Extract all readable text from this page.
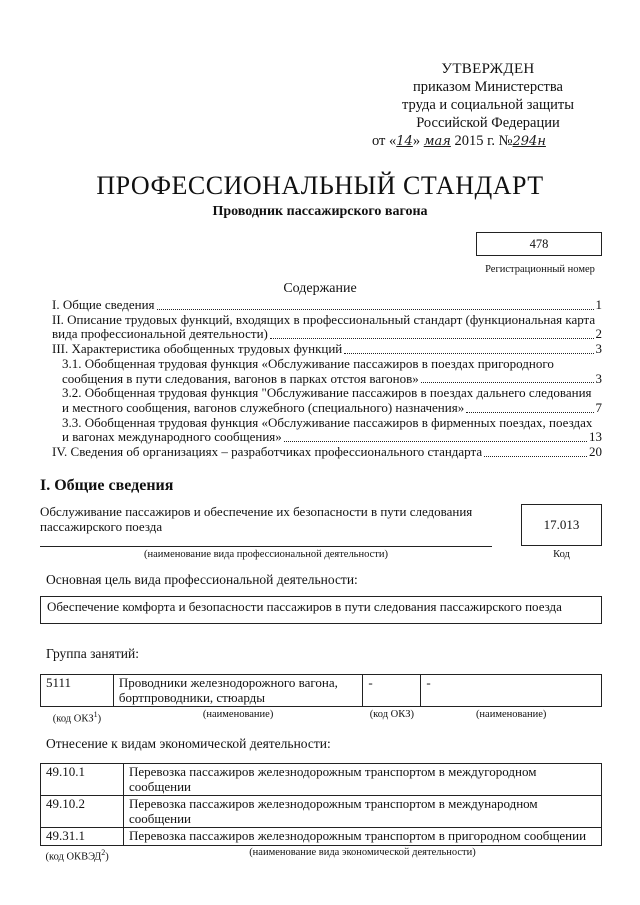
УТВЕРЖДЕН
приказом Министерства
труда и социальной защиты
Российской Федерации
от «14» мая 2015 г. №294н
ПРОФЕССИОНАЛЬНЫЙ СТАНДАРТ
Проводник пассажирского вагона
478
Регистрационный номер
Содержание
I. Общие сведения	1
II. Описание трудовых функций, входящих в профессиональный стандарт (функциональная карта
вида профессиональной деятельности)	2
III. Характеристика обобщенных трудовых функций	3
3.1. Обобщенная трудовая функция «Обслуживание пассажиров в поездах пригородного
сообщения в пути следования, вагонов в парках отстоя вагонов»	3
3.2. Обобщенная трудовая функция "Обслуживание пассажиров в поездах дальнего следования
и местного сообщения, вагонов служебного (специального) назначения»	7
3.3. Обобщенная трудовая функция «Обслуживание пассажиров в фирменных поездах, поездах
и вагонах международного сообщения»	13
IV. Сведения об организациях – разработчиках профессионального стандарта	20
I. Общие сведения
Обслуживание пассажиров и обеспечение их безопасности в пути следования пассажирского поезда
(наименование вида профессиональной деятельности)
17.013
Код
Основная цель вида профессиональной деятельности:
Обеспечение комфорта и безопасности пассажиров в пути следования пассажирского поезда
Группа занятий:
5111	Проводники железнодорожного вагона, бортпроводники, стюарды	-	-
(код ОКЗ$^1$)	(наименование)	(код ОКЗ)	(наименование)
Отнесение к видам экономической деятельности:
49.10.1	Перевозка пассажиров железнодорожным транспортом в междугородном сообщении
49.10.2	Перевозка пассажиров железнодорожным транспортом в международном сообщении
49.31.1	Перевозка пассажиров железнодорожным транспортом в пригородном сообщении
(код ОКВЭД$^2$)	(наименование вида экономической деятельности)
